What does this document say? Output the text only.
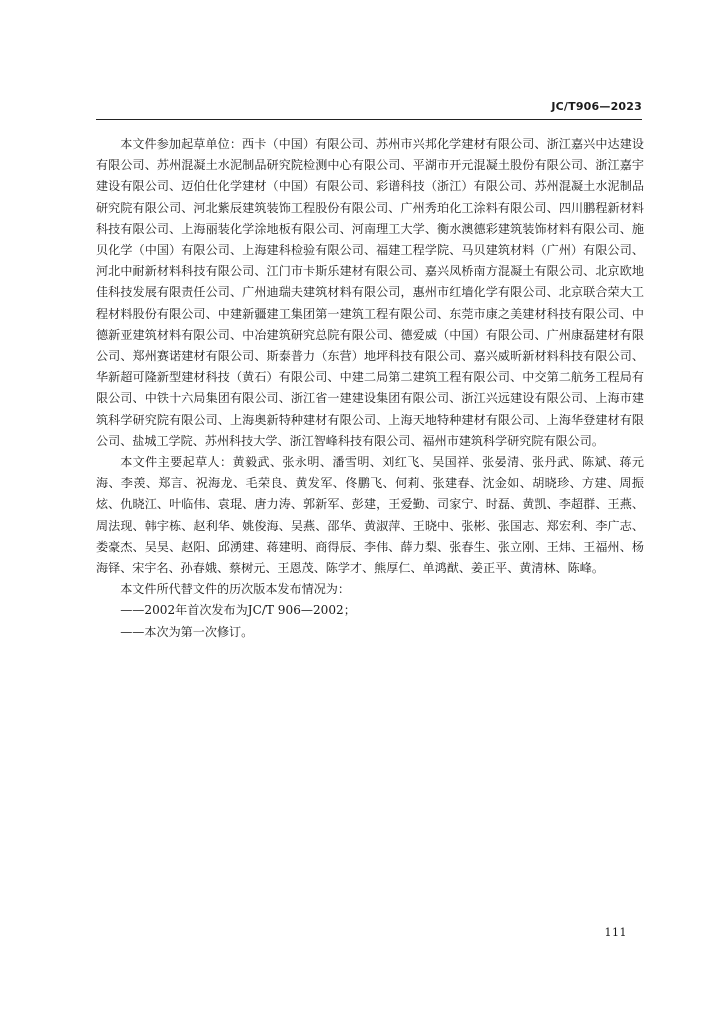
JC/T906—2023

本文件参加起草单位：西卡（中国）有限公司、苏州市兴邦化学建材有限公司、浙江嘉兴中达建设有限公司、苏州混凝土水泥制品研究院检测中心有限公司、平湖市开元混凝土股份有限公司、浙江嘉宇建设有限公司、迈伯仕化学建材（中国）有限公司、彩谱科技（浙江）有限公司、苏州混凝土水泥制品研究院有限公司、河北紫辰建筑装饰工程股份有限公司、广州秀珀化工涂料有限公司、四川鹏程新材料科技有限公司、上海丽装化学涂地板有限公司、河南理工大学、衡水澳德彩建筑装饰材料有限公司、施贝化学（中国）有限公司、上海建科检验有限公司、福建工程学院、马贝建筑材料（广州）有限公司、河北中耐新材料科技有限公司、江门市卡斯乐建材有限公司、嘉兴凤桥南方混凝土有限公司、北京欧地佳科技发展有限责任公司、广州迪瑞夫建筑材料有限公司，惠州市红墙化学有限公司、北京联合荣大工程材料股份有限公司、中建新疆建工集团第一建筑工程有限公司、东莞市康之美建材科技有限公司、中德新亚建筑材料有限公司、中冶建筑研究总院有限公司、德爱威（中国）有限公司、广州康磊建材有限公司、郑州赛诺建材有限公司、斯泰普力（东营）地坪科技有限公司、嘉兴威昕新材料科技有限公司、华新超可隆新型建材科技（黄石）有限公司、中建二局第二建筑工程有限公司、中交第二航务工程局有限公司、中铁十六局集团有限公司、浙江省一建建设集团有限公司、浙江兴远建设有限公司、上海市建筑科学研究院有限公司、上海奥新特种建材有限公司、上海天地特种建材有限公司、上海华登建材有限公司、盐城工学院、苏州科技大学、浙江智峰科技有限公司、福州市建筑科学研究院有限公司。

本文件主要起草人：黄毅武、张永明、潘雪明、刘红飞、吴国祥、张晏清、张丹武、陈斌、蒋元海、李羡、郑言、祝海龙、毛荣良、黄发军、佟鹏飞、何莉、张建春、沈金如、胡晓珍、方建、周振炫、仇晓江、叶临伟、袁琨、唐力涛、郭新军、彭建，王爱勤、司家宁、时磊、黄凯、李超群、王燕、周法现、韩宇栋、赵利华、姚俊海、吴燕、邵华、黄淑萍、王晓中、张彬、张国志、郑宏利、李广志、娄豪杰、吴昊、赵阳、邱湧建、蒋建明、商得辰、李伟、薛力梨、张春生、张立刚、王炜、王福州、杨海铎、宋宇名、孙春娥、蔡树元、王恩茂、陈学才、熊厚仁、单鸿猷、姜正平、黄清林、陈峰。

本文件所代替文件的历次版本发布情况为：

——2002年首次发布为JC/T 906—2002；

——本次为第一次修订。

111
